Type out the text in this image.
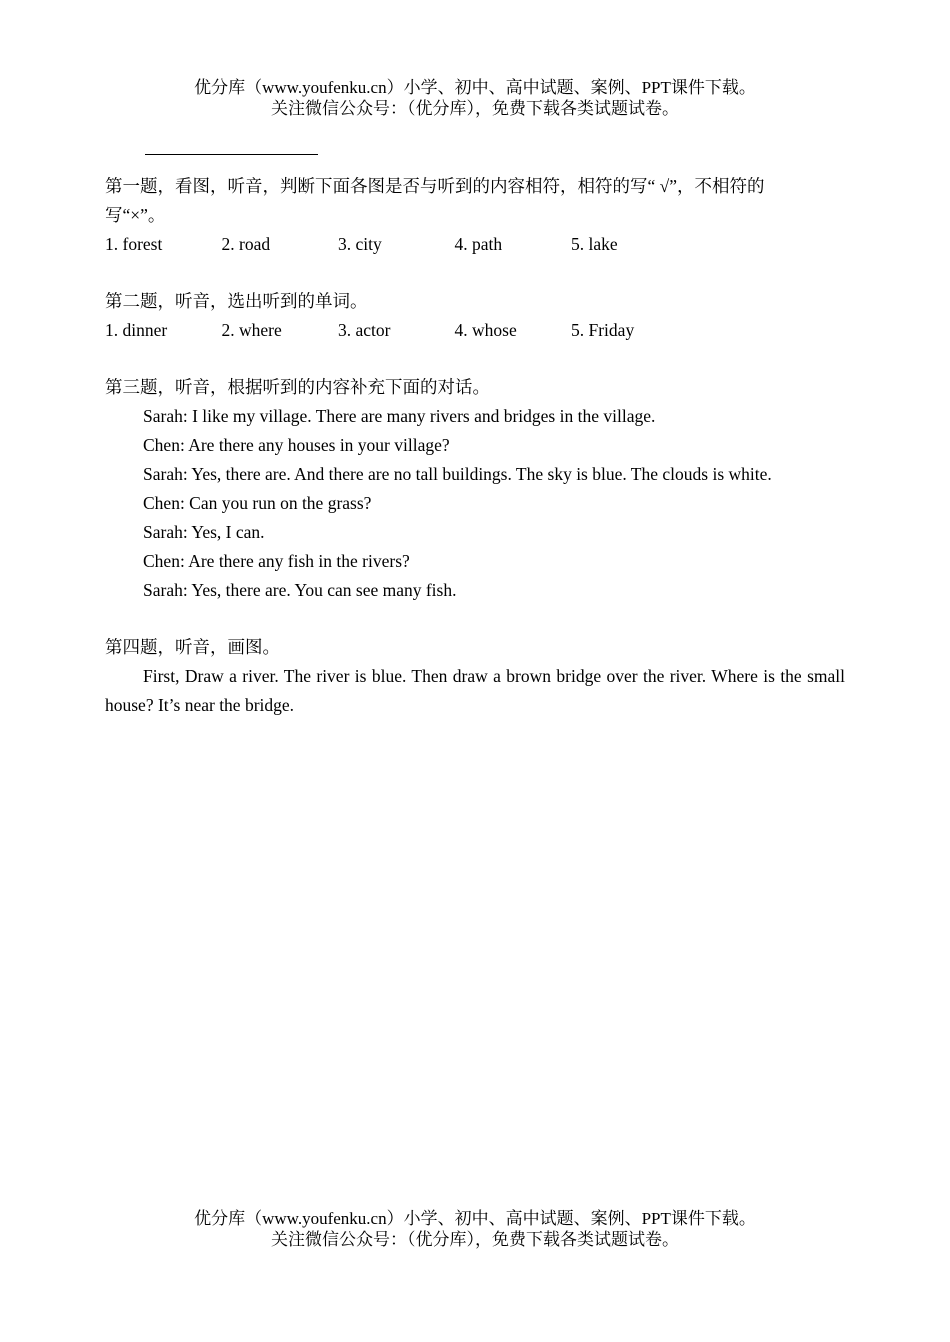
优分库（www.youfenku.cn）小学、初中、高中试题、案例、PPT课件下载。
关注微信公众号：（优分库），免费下载各类试题试卷。

第一题，看图，听音，判断下面各图是否与听到的内容相符，相符的写“ √”，不相符的
写“×”。

1. forest	2. road	3. city	4. path	5. lake

第二题，听音，选出听到的单词。

1. dinner	2. where	3. actor	4. whose	5. Friday

第三题，听音，根据听到的内容补充下面的对话。

Sarah: I like my village. There are many rivers and bridges in the village.

Chen: Are there any houses in your village?

Sarah: Yes, there are. And there are no tall buildings. The sky is blue. The clouds is white.

Chen: Can you run on the grass?

Sarah: Yes, I can.

Chen: Are there any fish in the rivers?

Sarah: Yes, there are. You can see many fish.

第四题，听音，画图。

First, Draw a river. The river is blue. Then draw a brown bridge over the river. Where is the small house? It’s near the bridge.

优分库（www.youfenku.cn）小学、初中、高中试题、案例、PPT课件下载。
关注微信公众号：（优分库），免费下载各类试题试卷。
